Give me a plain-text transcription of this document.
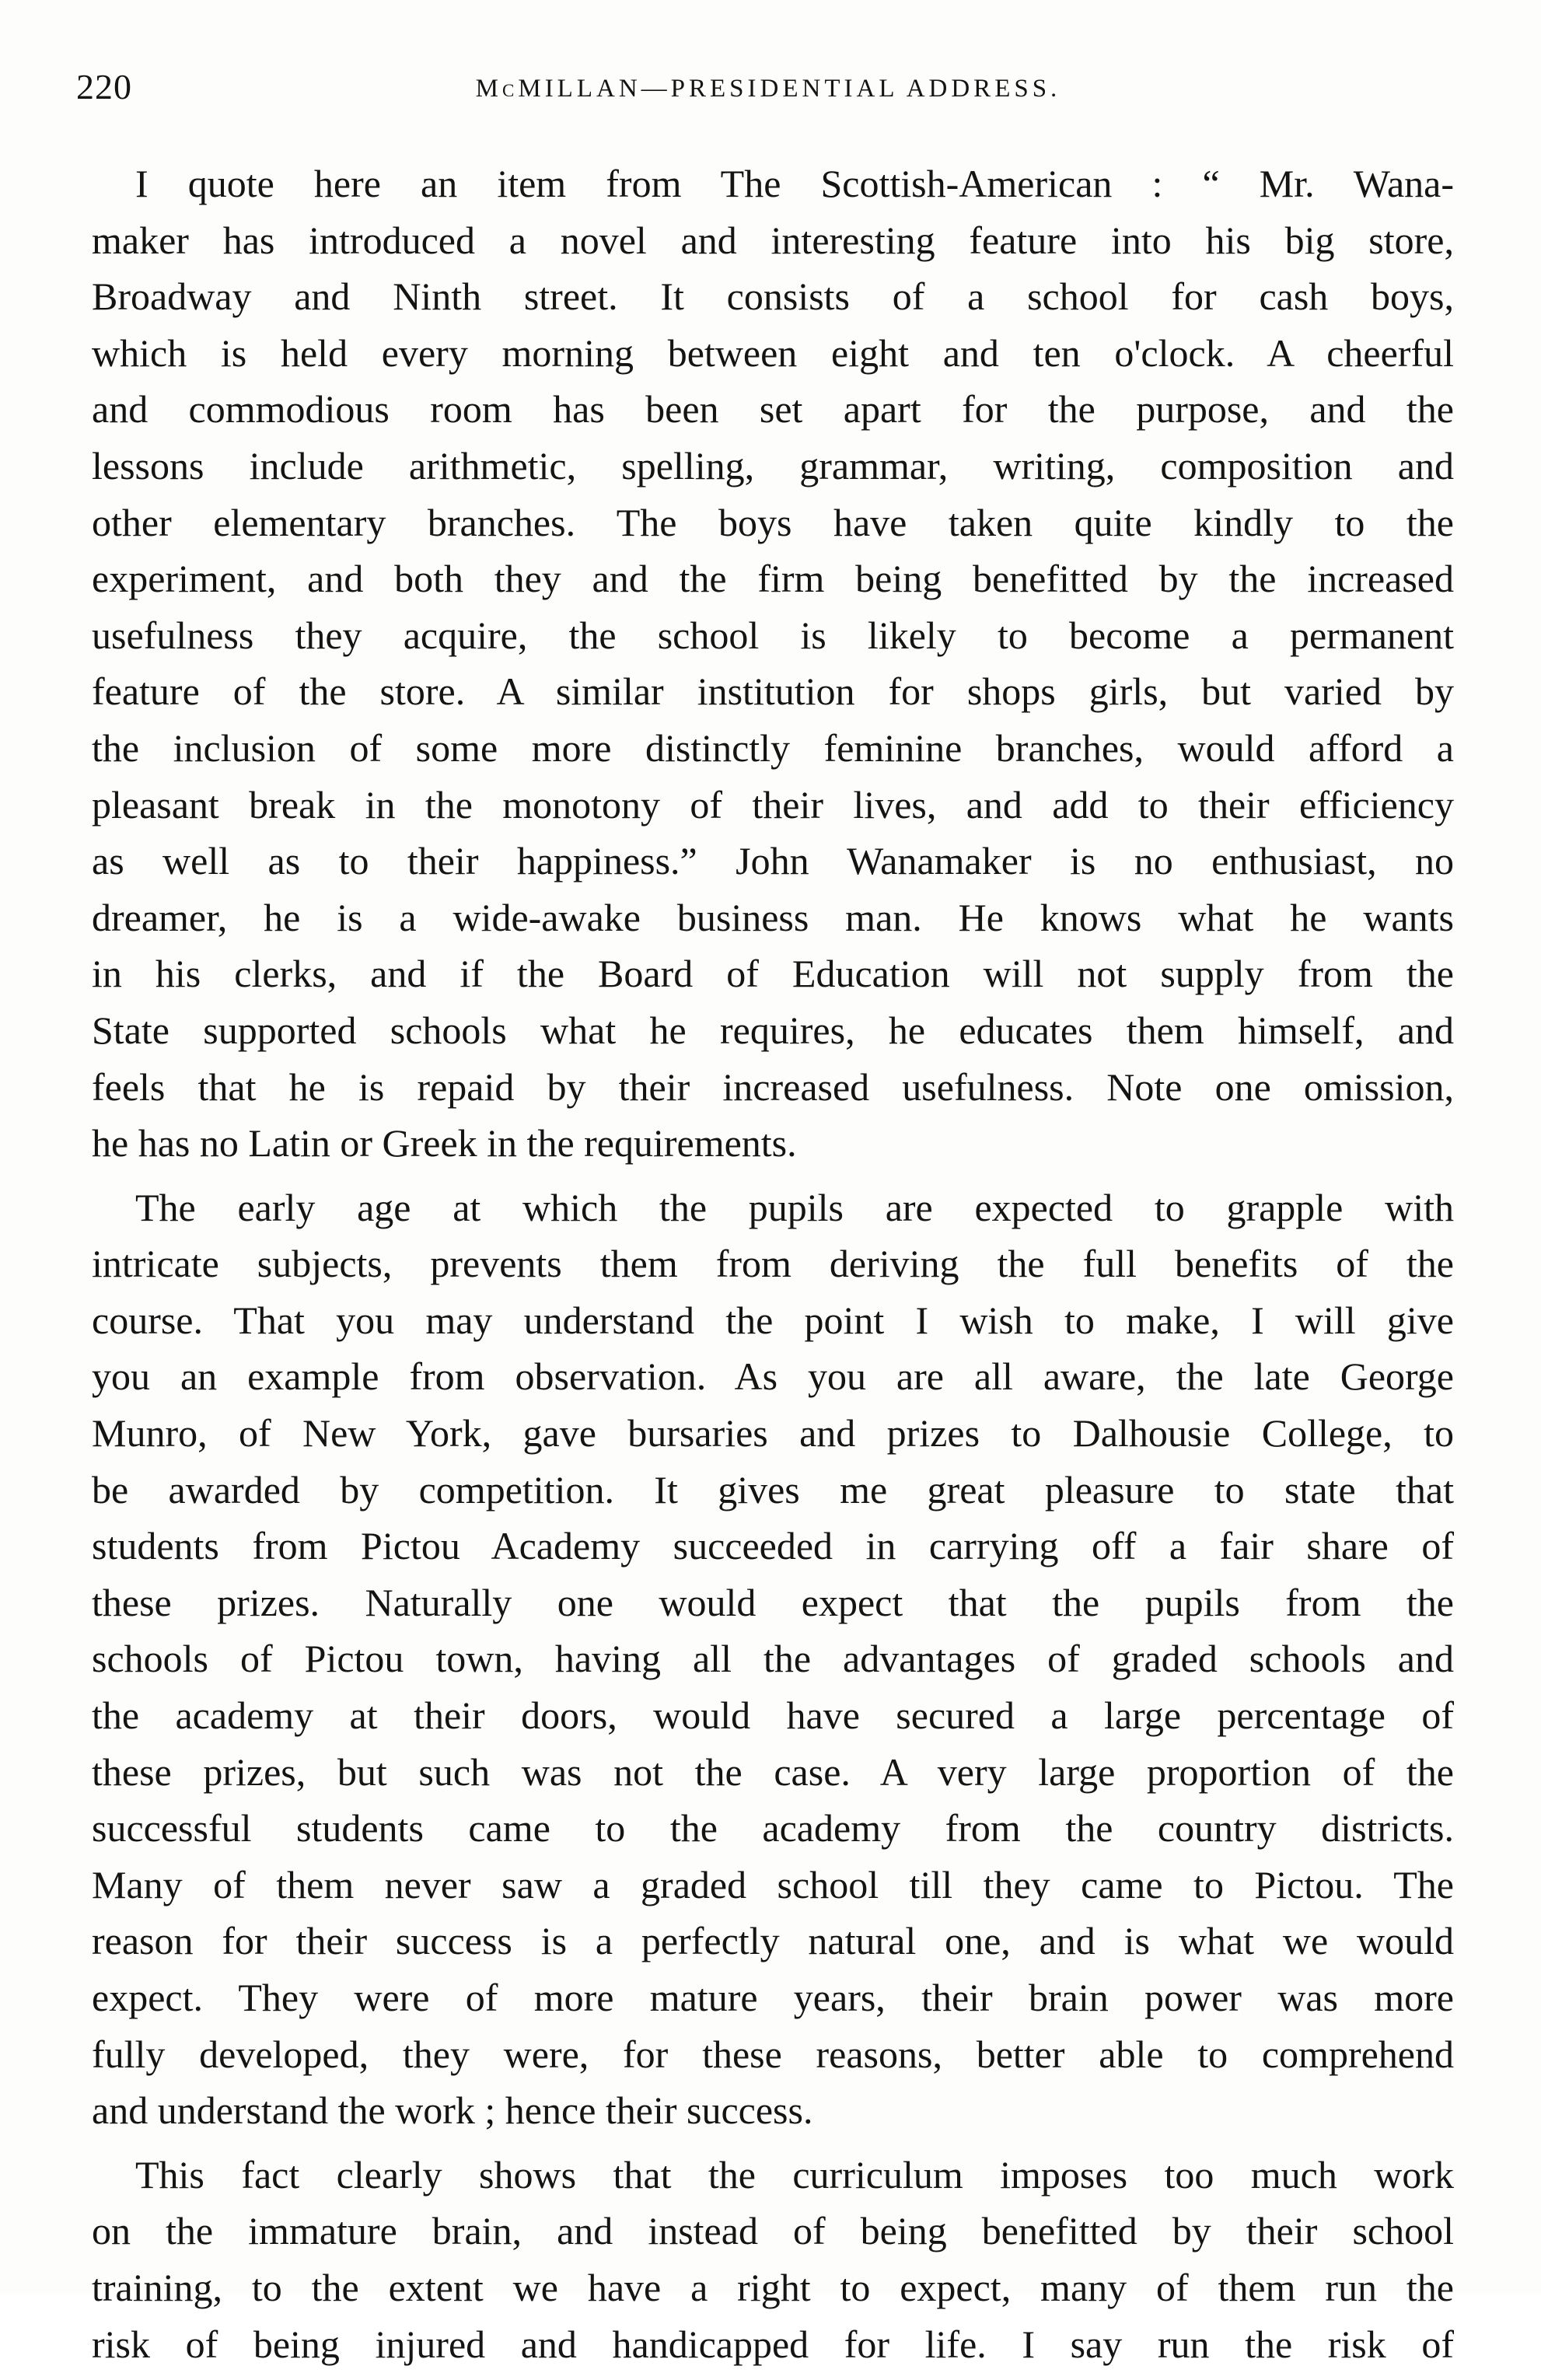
220	McMILLAN—PRESIDENTIAL ADDRESS.
I quote here an item from The Scottish-American : “ Mr. Wana-
maker has introduced a novel and interesting feature into his big store,
Broadway and Ninth street. It consists of a school for cash boys,
which is held every morning between eight and ten o'clock. A cheerful
and commodious room has been set apart for the purpose, and the
lessons include arithmetic, spelling, grammar, writing, composition and
other elementary branches. The boys have taken quite kindly to the
experiment, and both they and the firm being benefitted by the increased
usefulness they acquire, the school is likely to become a permanent
feature of the store. A similar institution for shops girls, but varied by
the inclusion of some more distinctly feminine branches, would afford a
pleasant break in the monotony of their lives, and add to their efficiency
as well as to their happiness.” John Wanamaker is no enthusiast, no
dreamer, he is a wide-awake business man. He knows what he wants
in his clerks, and if the Board of Education will not supply from the
State supported schools what he requires, he educates them himself, and
feels that he is repaid by their increased usefulness. Note one omission,
he has no Latin or Greek in the requirements.
The early age at which the pupils are expected to grapple with
intricate subjects, prevents them from deriving the full benefits of the
course. That you may understand the point I wish to make, I will give
you an example from observation. As you are all aware, the late George
Munro, of New York, gave bursaries and prizes to Dalhousie College, to
be awarded by competition. It gives me great pleasure to state that
students from Pictou Academy succeeded in carrying off a fair share of
these prizes. Naturally one would expect that the pupils from the
schools of Pictou town, having all the advantages of graded schools and
the academy at their doors, would have secured a large percentage of
these prizes, but such was not the case. A very large proportion of the
successful students came to the academy from the country districts.
Many of them never saw a graded school till they came to Pictou. The
reason for their success is a perfectly natural one, and is what we would
expect. They were of more mature years, their brain power was more
fully developed, they were, for these reasons, better able to comprehend
and understand the work ; hence their success.
This fact clearly shows that the curriculum imposes too much work
on the immature brain, and instead of being benefitted by their school
training, to the extent we have a right to expect, many of them run the
risk of being injured and handicapped for life. I say run the risk of
